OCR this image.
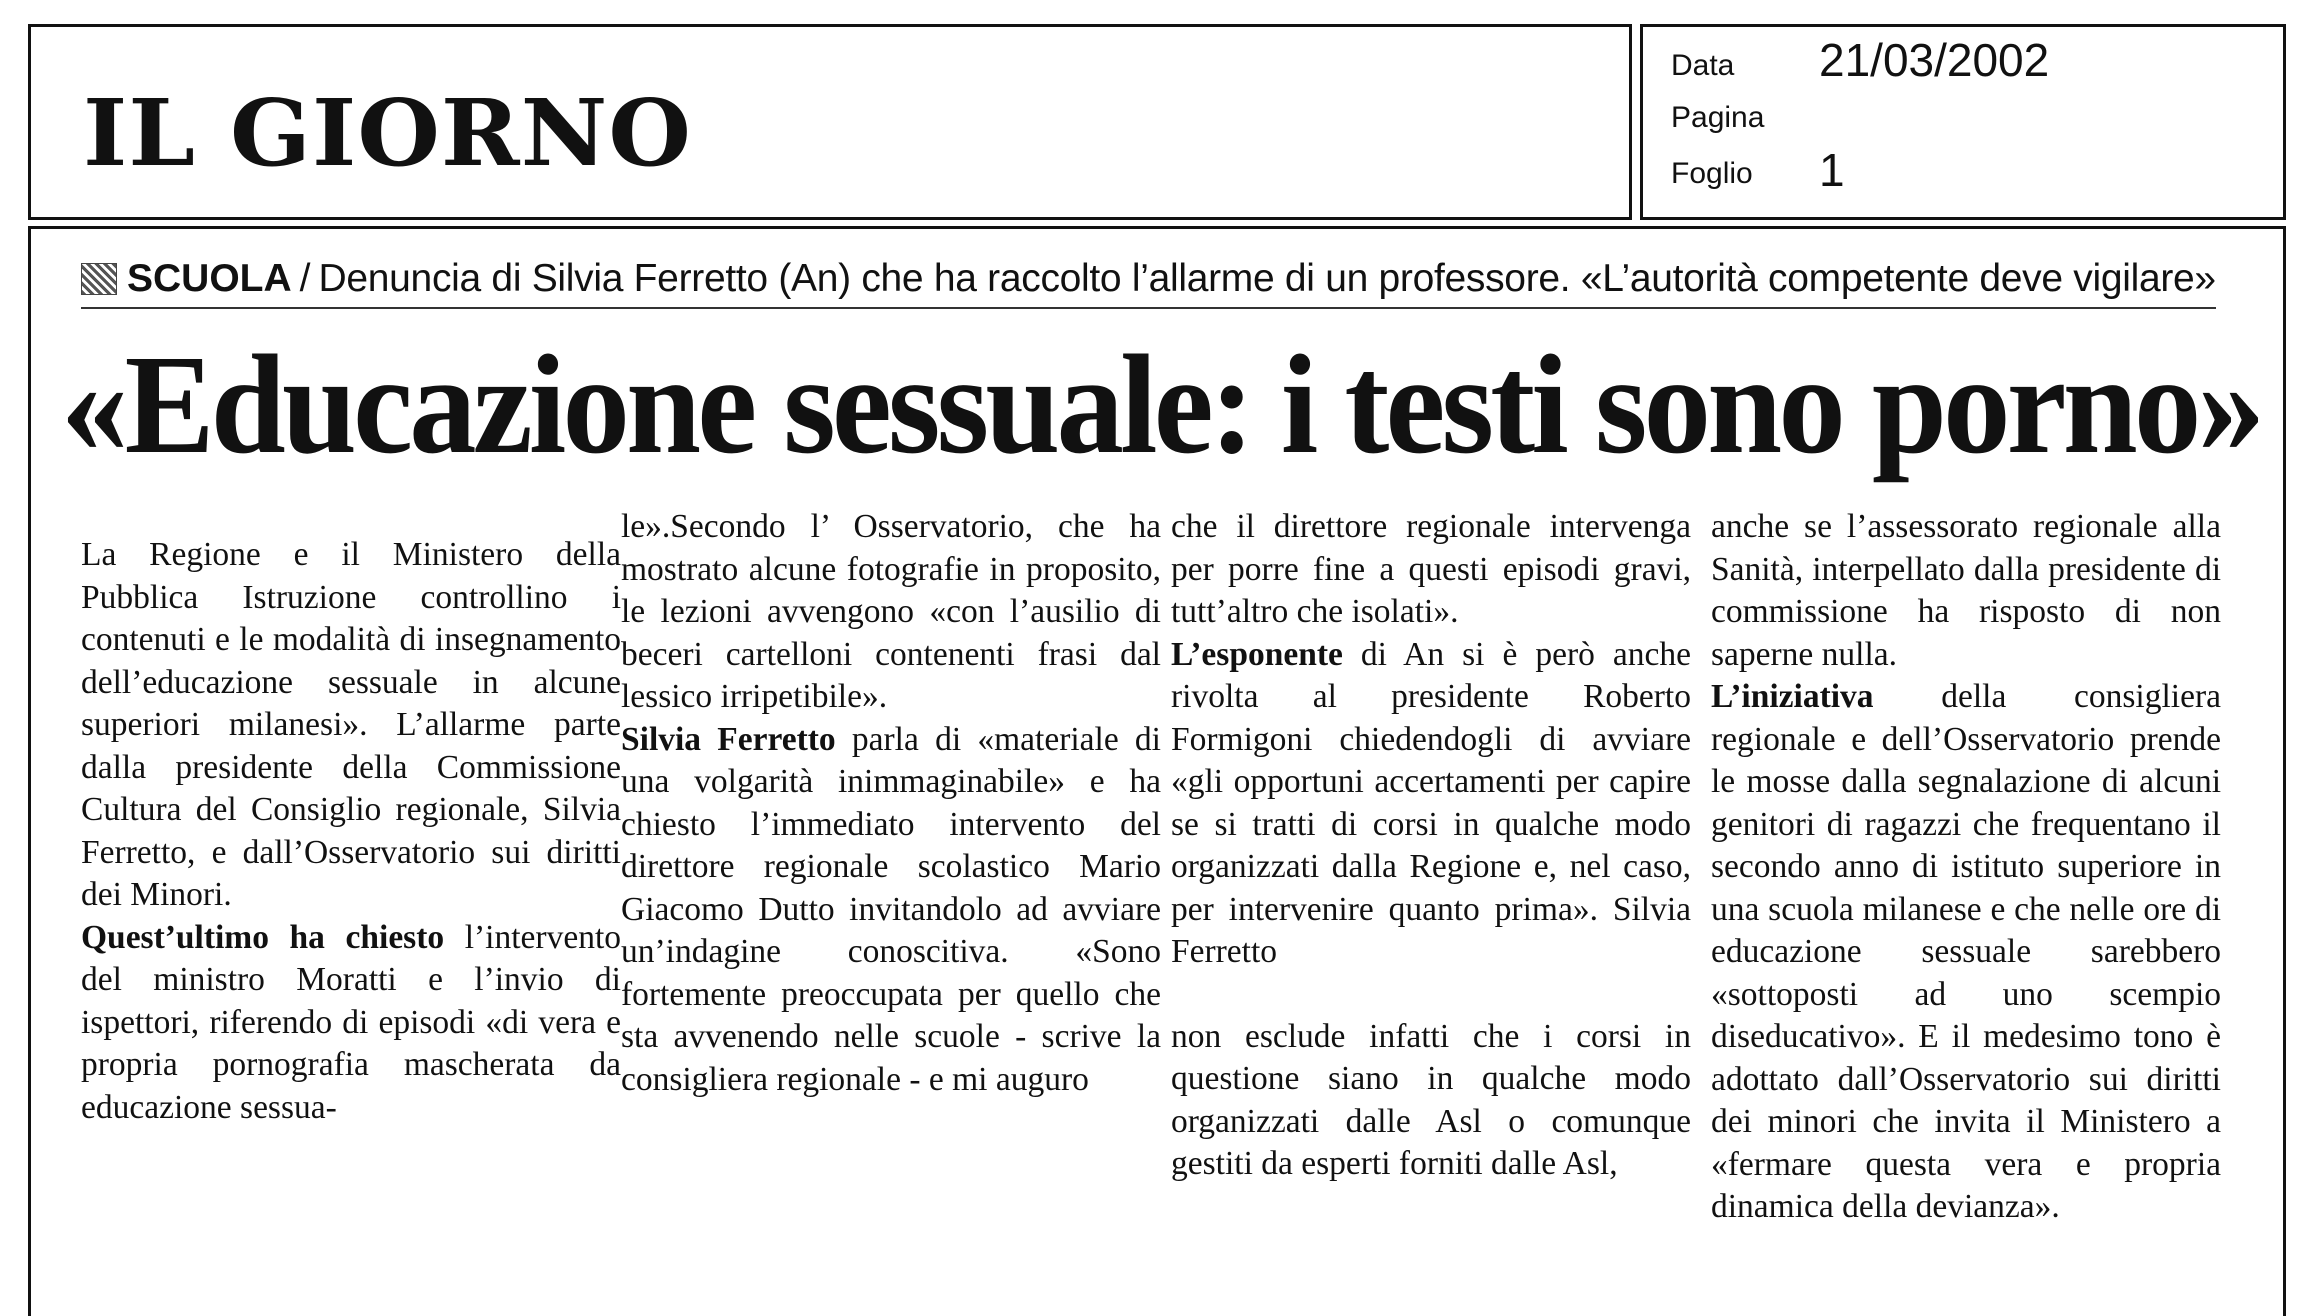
IL GIORNO
Data 21/03/2002
Pagina
Foglio 1
SCUOLA / Denuncia di Silvia Ferretto (An) che ha raccolto l’allarme di un professore. «L’autorità competente deve vigilare»
«Educazione sessuale: i testi sono porno»

La Regione e il Ministero della Pubblica Istruzione controllino i contenuti e le modalità di insegnamento dell’educazione sessuale in alcune superiori milanesi». L’allarme parte dalla presidente della Commissione Cultura del Consiglio regionale, Silvia Ferretto, e dall’Osservatorio sui diritti dei Minori.

Quest’ultimo ha chiesto l’intervento del ministro Moratti e l’invio di ispettori, riferendo di episodi «di vera e propria pornografia mascherata da educazione sessua-

le».Secondo l’ Osservatorio, che ha mostrato alcune fotografie in proposito, le lezioni avvengono «con l’ausilio di beceri cartelloni contenenti frasi dal lessico irripetibile».

Silvia Ferretto parla di «materiale di una volgarità inimmaginabile» e ha chiesto l’immediato intervento del direttore regionale scolastico Mario Giacomo Dutto invitandolo ad avviare un’indagine conoscitiva. «Sono fortemente preoccupata per quello che sta avvenendo nelle scuole - scrive la consigliera regionale - e mi auguro

che il direttore regionale intervenga per porre fine a questi episodi gravi, tutt’altro che isolati».

L’esponente di An si è però anche rivolta al presidente Roberto Formigoni chiedendogli di avviare «gli opportuni accertamenti per capire se si tratti di corsi in qualche modo organizzati dalla Regione e, nel caso, per intervenire quanto prima». Silvia Ferretto

non esclude infatti che i corsi in questione siano in qualche modo organizzati dalle Asl o comunque gestiti da esperti forniti dalle Asl,

anche se l’assessorato regionale alla Sanità, interpellato dalla presidente di commissione ha risposto di non saperne nulla.

L’iniziativa della consigliera regionale e dell’Osservatorio prende le mosse dalla segnalazione di alcuni genitori di ragazzi che frequentano il secondo anno di istituto superiore in una scuola milanese e che nelle ore di educazione sessuale sarebbero «sottoposti ad uno scempio diseducativo». E il medesimo tono è adottato dall’Osservatorio sui diritti dei minori che invita il Ministero a «fermare questa vera e propria dinamica della devianza».
